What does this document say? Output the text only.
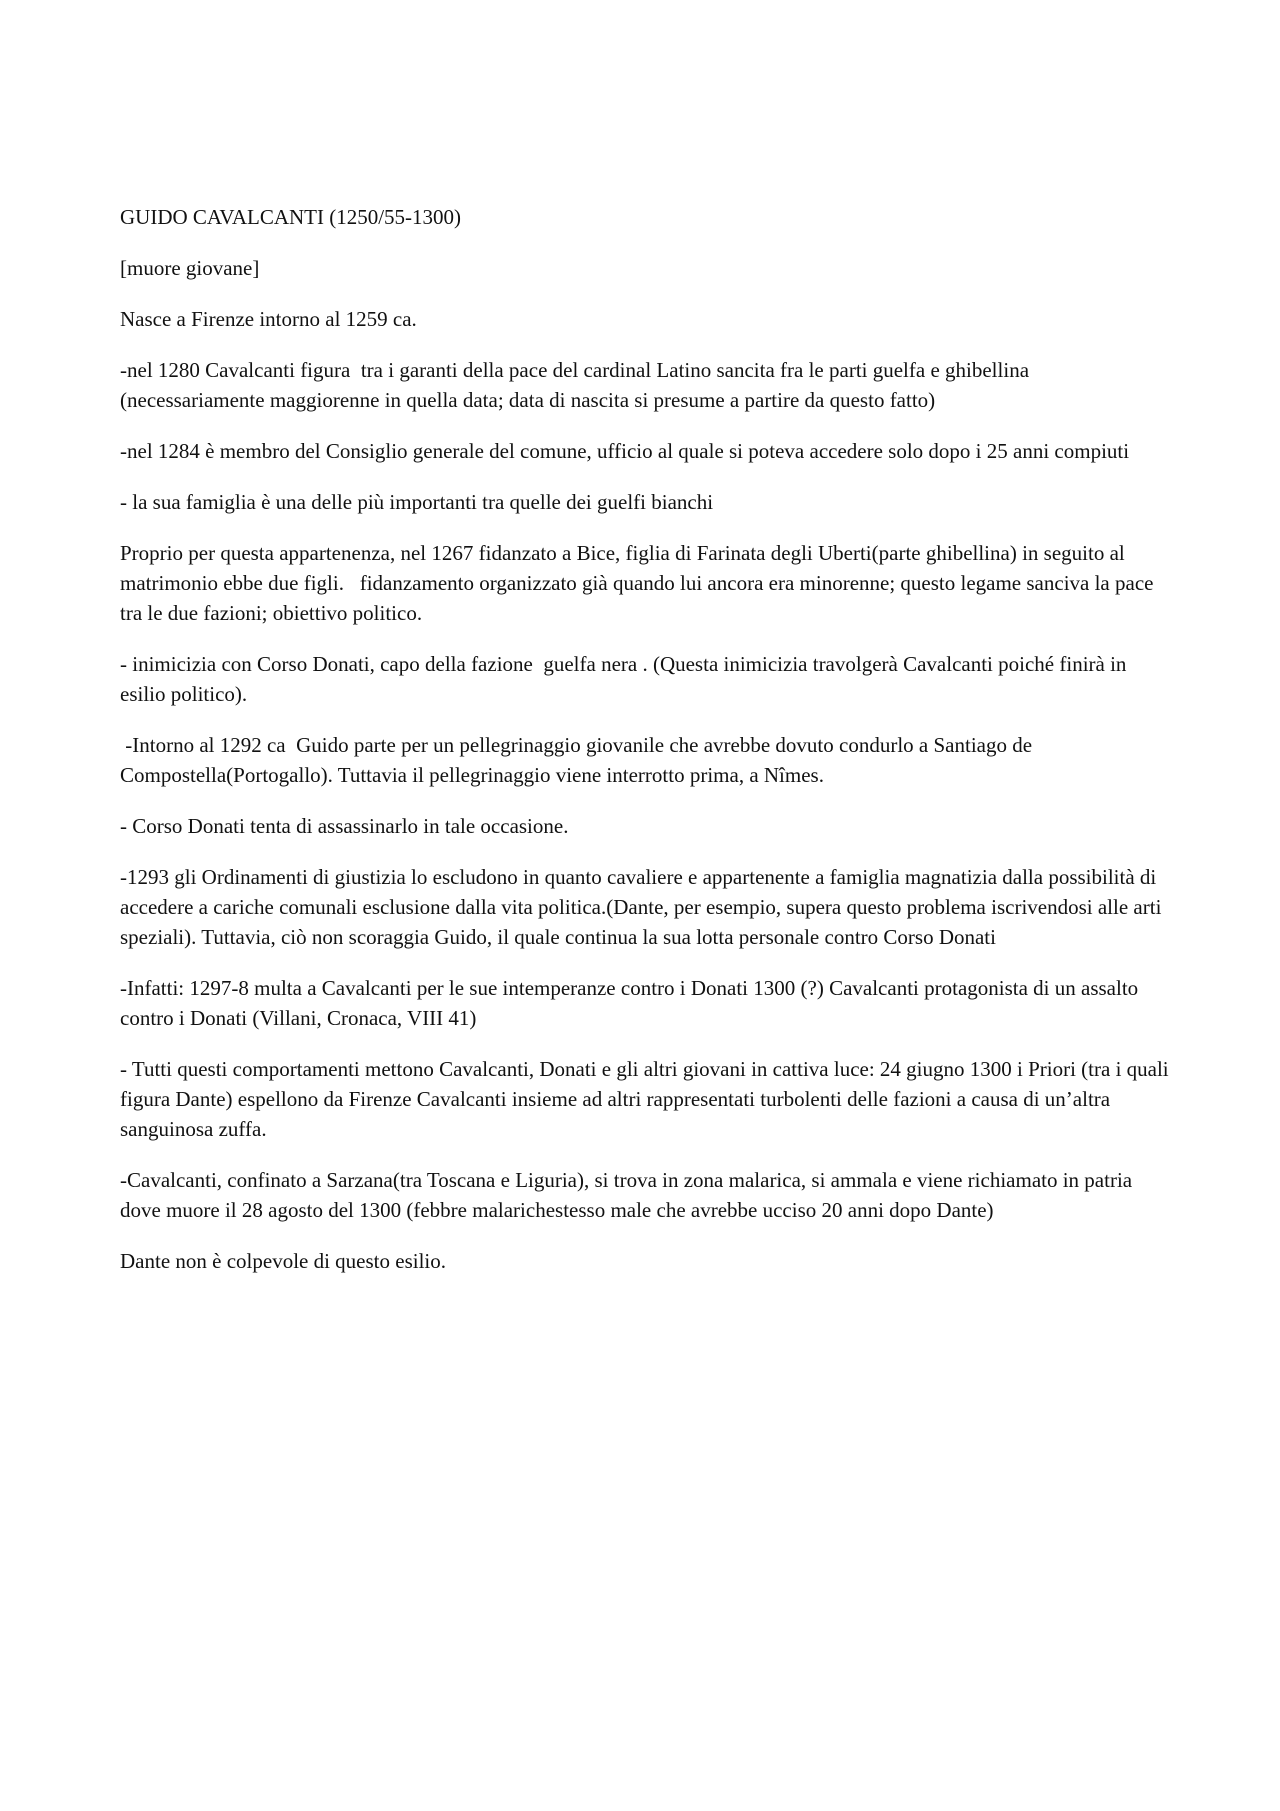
GUIDO CAVALCANTI (1250/55-1300)

[muore giovane]

Nasce a Firenze intorno al 1259 ca.

-nel 1280 Cavalcanti figura  tra i garanti della pace del cardinal Latino sancita fra le parti guelfa e ghibellina (necessariamente maggiorenne in quella data; data di nascita si presume a partire da questo fatto)

-nel 1284 è membro del Consiglio generale del comune, ufficio al quale si poteva accedere solo dopo i 25 anni compiuti

- la sua famiglia è una delle più importanti tra quelle dei guelfi bianchi

Proprio per questa appartenenza, nel 1267 fidanzato a Bice, figlia di Farinata degli Uberti(parte ghibellina) in seguito al matrimonio ebbe due figli.   fidanzamento organizzato già quando lui ancora era minorenne; questo legame sanciva la pace tra le due fazioni; obiettivo politico.

- inimicizia con Corso Donati, capo della fazione  guelfa nera . (Questa inimicizia travolgerà Cavalcanti poiché finirà in esilio politico).

-Intorno al 1292 ca  Guido parte per un pellegrinaggio giovanile che avrebbe dovuto condurlo a Santiago de Compostella(Portogallo). Tuttavia il pellegrinaggio viene interrotto prima, a Nîmes.

- Corso Donati tenta di assassinarlo in tale occasione.

-1293 gli Ordinamenti di giustizia lo escludono in quanto cavaliere e appartenente a famiglia magnatizia dalla possibilità di accedere a cariche comunali esclusione dalla vita politica.(Dante, per esempio, supera questo problema iscrivendosi alle arti speziali). Tuttavia, ciò non scoraggia Guido, il quale continua la sua lotta personale contro Corso Donati

-Infatti: 1297-8 multa a Cavalcanti per le sue intemperanze contro i Donati 1300 (?) Cavalcanti protagonista di un assalto contro i Donati (Villani, Cronaca, VIII 41)

- Tutti questi comportamenti mettono Cavalcanti, Donati e gli altri giovani in cattiva luce: 24 giugno 1300 i Priori (tra i quali figura Dante) espellono da Firenze Cavalcanti insieme ad altri rappresentati turbolenti delle fazioni a causa di un’altra sanguinosa zuffa.

-Cavalcanti, confinato a Sarzana(tra Toscana e Liguria), si trova in zona malarica, si ammala e viene richiamato in patria dove muore il 28 agosto del 1300 (febbre malarichestesso male che avrebbe ucciso 20 anni dopo Dante)

Dante non è colpevole di questo esilio.
